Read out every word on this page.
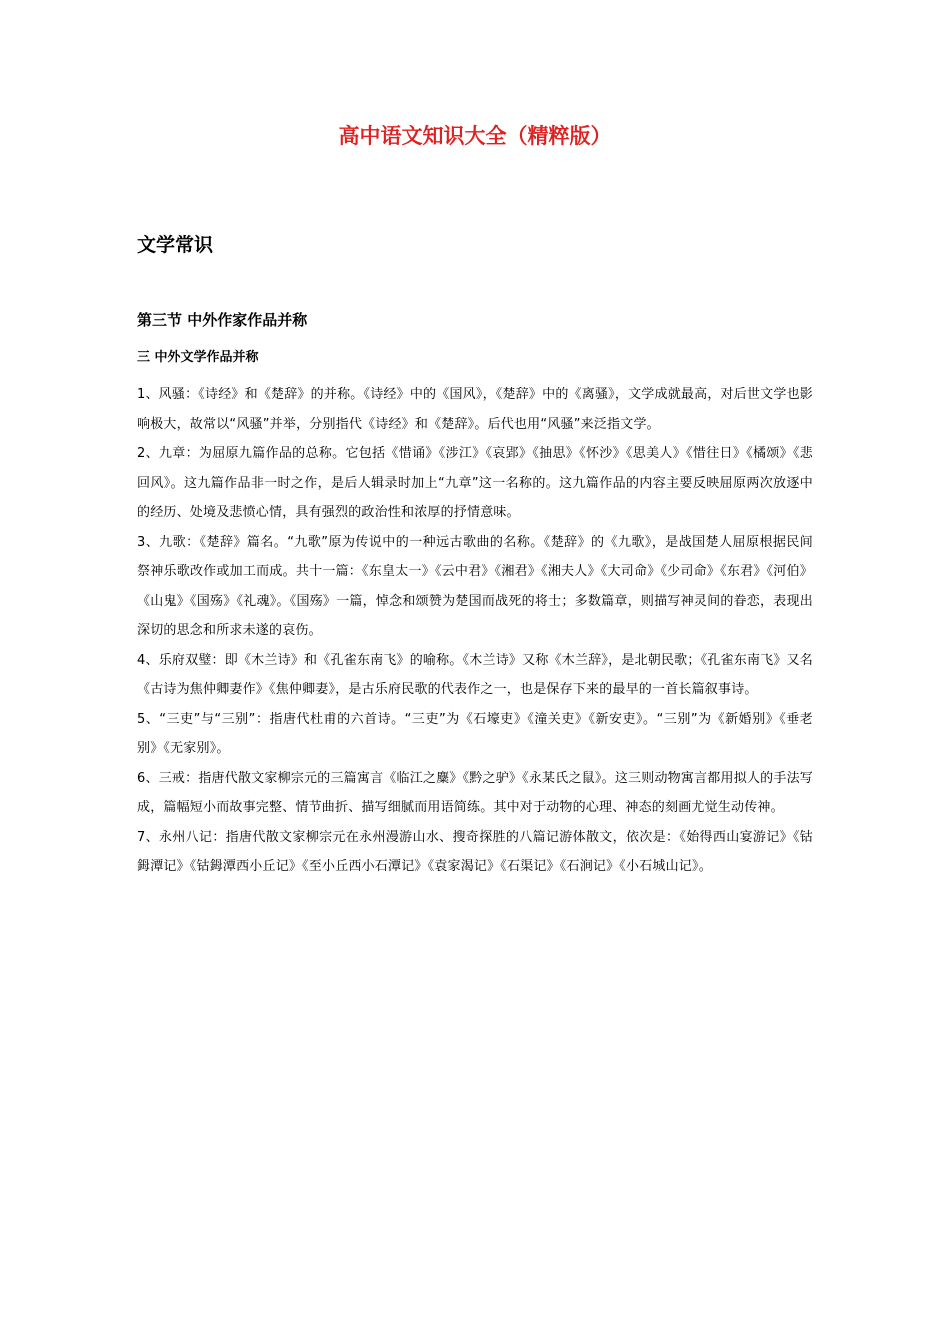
高中语文知识大全（精粹版）
文学常识
第三节 中外作家作品并称
三 中外文学作品并称

1、风骚：《诗经》和《楚辞》的并称。《诗经》中的《国风》，《楚辞》中的《离骚》，文学成就最高，对后世文学也影响极大，故常以“风骚”并举，分别指代《诗经》和《楚辞》。后代也用“风骚”来泛指文学。

2、九章：为屈原九篇作品的总称。它包括《惜诵》《涉江》《哀郢》《抽思》《怀沙》《思美人》《惜往日》《橘颂》《悲回风》。这九篇作品非一时之作，是后人辑录时加上“九章”这一名称的。这九篇作品的内容主要反映屈原两次放逐中的经历、处境及悲愤心情，具有强烈的政治性和浓厚的抒情意味。

3、九歌：《楚辞》篇名。“九歌”原为传说中的一种远古歌曲的名称。《楚辞》的《九歌》，是战国楚人屈原根据民间祭神乐歌改作或加工而成。共十一篇：《东皇太一》《云中君》《湘君》《湘夫人》《大司命》《少司命》《东君》《河伯》《山鬼》《国殇》《礼魂》。《国殇》一篇，悼念和颂赞为楚国而战死的将士；多数篇章，则描写神灵间的眷恋，表现出深切的思念和所求未遂的哀伤。

4、乐府双璧：即《木兰诗》和《孔雀东南飞》的喻称。《木兰诗》又称《木兰辞》，是北朝民歌；《孔雀东南飞》又名《古诗为焦仲卿妻作》《焦仲卿妻》，是古乐府民歌的代表作之一，也是保存下来的最早的一首长篇叙事诗。

5、“三吏”与“三别”：指唐代杜甫的六首诗。“三吏”为《石壕吏》《潼关吏》《新安吏》。“三别”为《新婚别》《垂老别》《无家别》。

6、三戒：指唐代散文家柳宗元的三篇寓言《临江之麋》《黔之驴》《永某氏之鼠》。这三则动物寓言都用拟人的手法写成，篇幅短小而故事完整、情节曲折、描写细腻而用语简练。其中对于动物的心理、神态的刻画尤觉生动传神。

7、永州八记：指唐代散文家柳宗元在永州漫游山水、搜奇探胜的八篇记游体散文，依次是：《始得西山宴游记》《钴鉧潭记》《钴鉧潭西小丘记》《至小丘西小石潭记》《袁家渴记》《石渠记》《石涧记》《小石城山记》。
